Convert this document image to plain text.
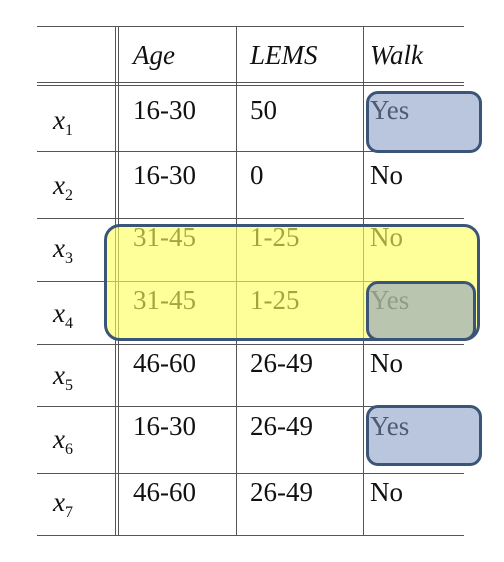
Age	LEMS Walk
$x_1$
16-30 50
$x_2$
16-30 0	No
$x_3$
$x_4$
$x_5$
46-60 26-49 No
$x_6$
16-30 26-49
$x_7$
46-60 26-49 No
